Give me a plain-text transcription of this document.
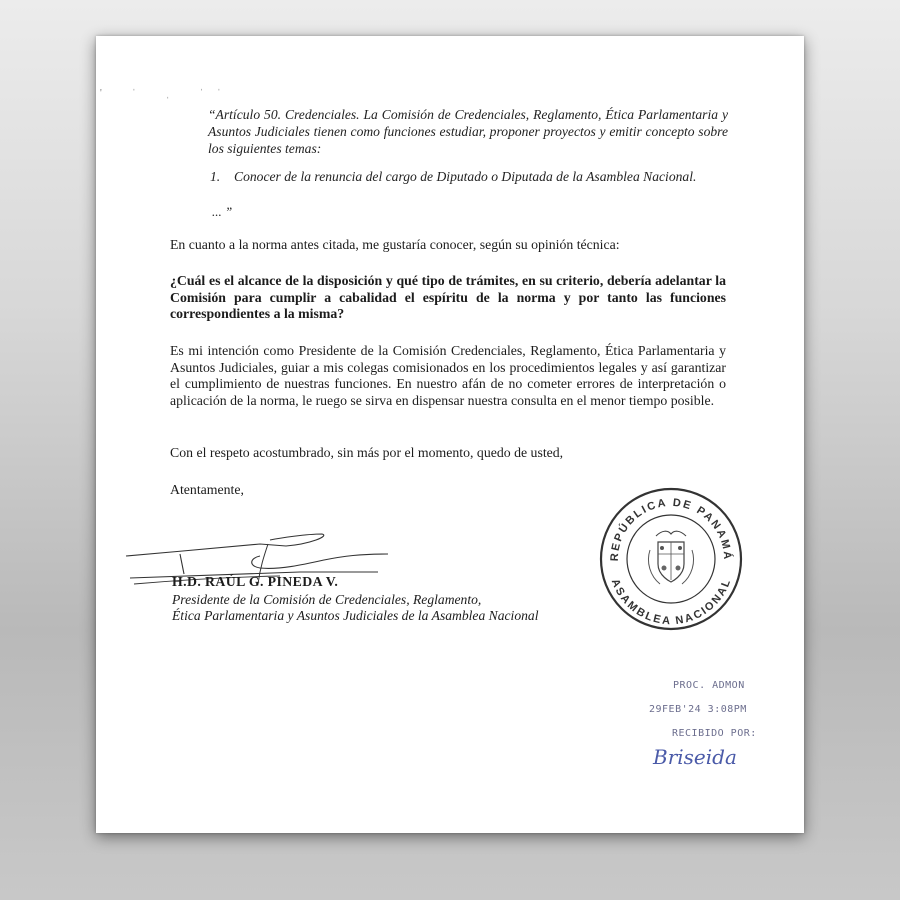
' ˈ ˌ ˈˈ
“Artículo 50. Credenciales. La Comisión de Credenciales, Reglamento, Ética Parlamentaria y Asuntos Judiciales tienen como funciones estudiar, proponer proyectos y emitir concepto sobre los siguientes temas:
1. Conocer de la renuncia del cargo de Diputado o Diputada de la Asamblea Nacional.
... ”
En cuanto a la norma antes citada, me gustaría conocer, según su opinión técnica:
¿Cuál es el alcance de la disposición y qué tipo de trámites, en su criterio, debería adelantar la Comisión para cumplir a cabalidad el espíritu de la norma y por tanto las funciones correspondientes a la misma?
Es mi intención como Presidente de la Comisión Credenciales, Reglamento, Ética Parlamentaria y Asuntos Judiciales, guiar a mis colegas comisionados en los procedimientos legales y así garantizar el cumplimiento de nuestras funciones. En nuestro afán de no cometer errores de interpretación o aplicación de la norma, le ruego se sirva en dispensar nuestra consulta en el menor tiempo posible.
Con el respeto acostumbrado, sin más por el momento, quedo de usted,
Atentamente,
H.D. RAÚL G. PINEDA V.
Presidente de la Comisión de Credenciales, Reglamento,
Ética Parlamentaria y Asuntos Judiciales de la Asamblea Nacional
REPÚBLICA DE PANAMÁ
ASAMBLEA NACIONAL
PROC. ADMON
29FEB'24 3:08PM
RECIBIDO POR:
Briseida
